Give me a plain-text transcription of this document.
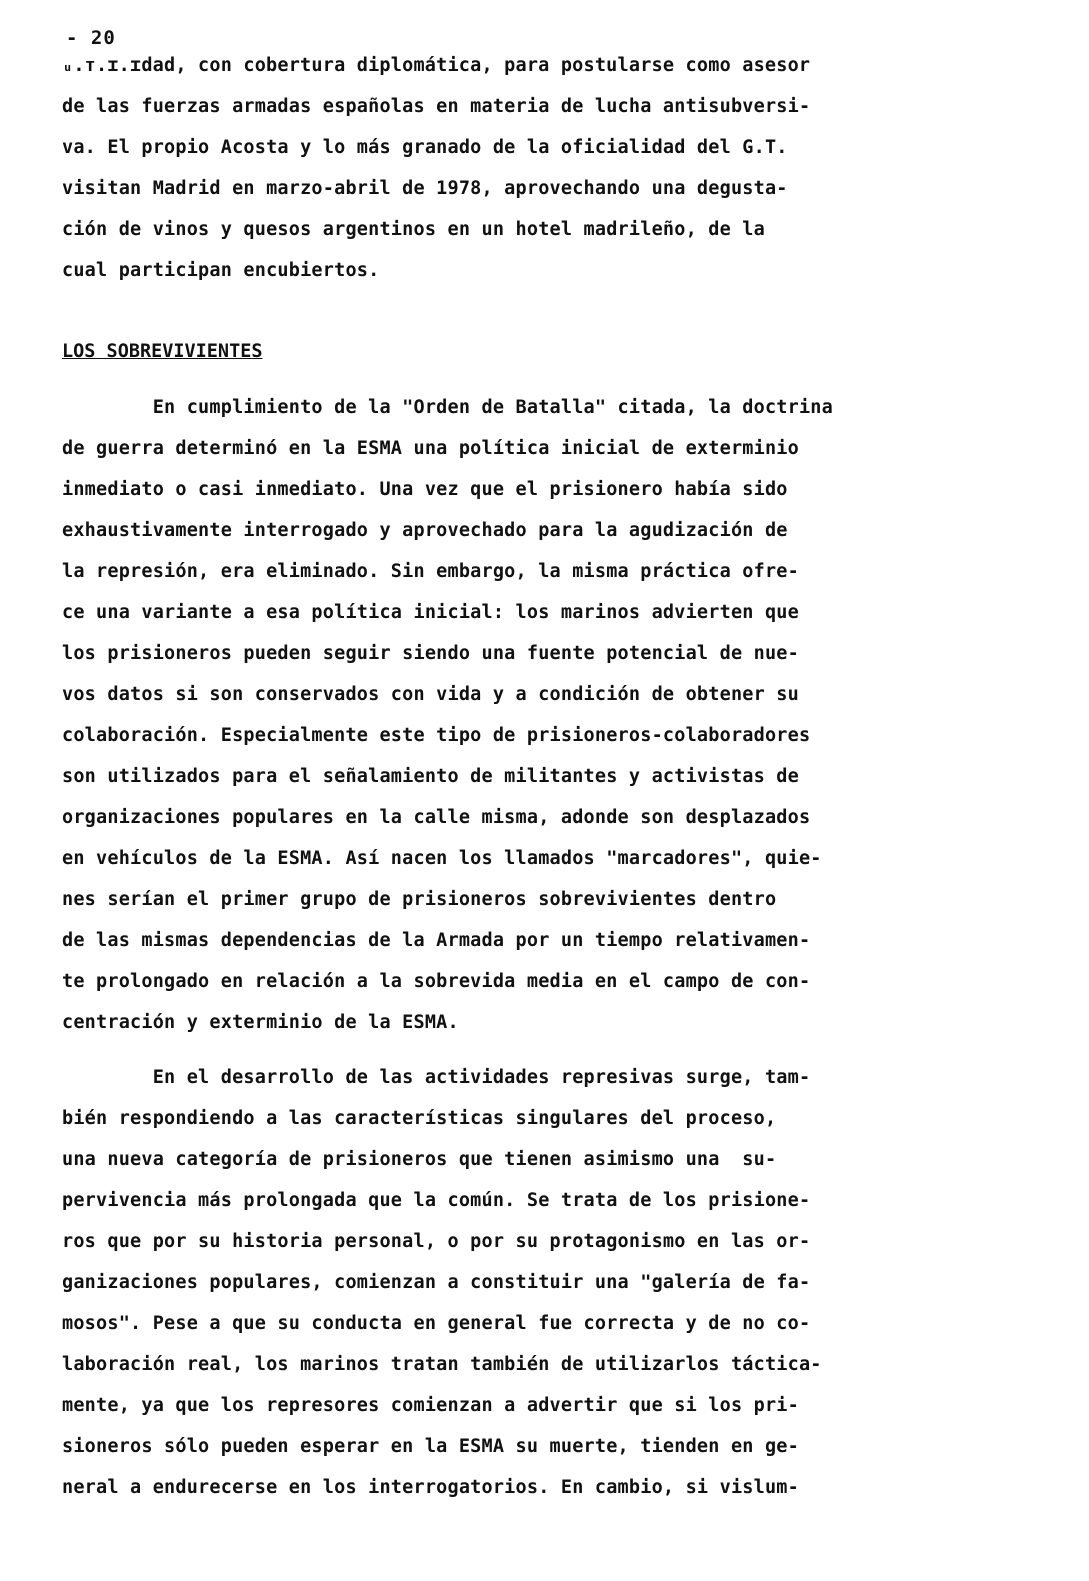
- 20
ᵤ.ᴛ.ɪ.ɪdad, con cobertura diplomática, para postularse como asesor
de las fuerzas armadas españolas en materia de lucha antisubversi-
va. El propio Acosta y lo más granado de la oficialidad del G.T.
visitan Madrid en marzo-abril de 1978, aprovechando una degusta-
ción de vinos y quesos argentinos en un hotel madrileño, de la
cual participan encubiertos.
LOS SOBREVIVIENTES
En cumplimiento de la "Orden de Batalla" citada, la doctrina
de guerra determinó en la ESMA una política inicial de exterminio
inmediato o casi inmediato. Una vez que el prisionero había sido
exhaustivamente interrogado y aprovechado para la agudización de
la represión, era eliminado. Sin embargo, la misma práctica ofre-
ce una variante a esa política inicial: los marinos advierten que
los prisioneros pueden seguir siendo una fuente potencial de nue-
vos datos si son conservados con vida y a condición de obtener su
colaboración. Especialmente este tipo de prisioneros-colaboradores
son utilizados para el señalamiento de militantes y activistas de
organizaciones populares en la calle misma, adonde son desplazados
en vehículos de la ESMA. Así nacen los llamados "marcadores", quie-
nes serían el primer grupo de prisioneros sobrevivientes dentro
de las mismas dependencias de la Armada por un tiempo relativamen-
te prolongado en relación a la sobrevida media en el campo de con-
centración y exterminio de la ESMA.
En el desarrollo de las actividades represivas surge, tam-
bién respondiendo a las características singulares del proceso,
una nueva categoría de prisioneros que tienen asimismo una  su-
pervivencia más prolongada que la común. Se trata de los prisione-
ros que por su historia personal, o por su protagonismo en las or-
ganizaciones populares, comienzan a constituir una "galería de fa-
mosos". Pese a que su conducta en general fue correcta y de no co-
laboración real, los marinos tratan también de utilizarlos tácticа-
mente, ya que los represores comienzan a advertir que si los pri-
sioneros sólo pueden esperar en la ESMA su muerte, tienden en ge-
neral a endurecerse en los interrogatorios. En cambio, si vislum-
